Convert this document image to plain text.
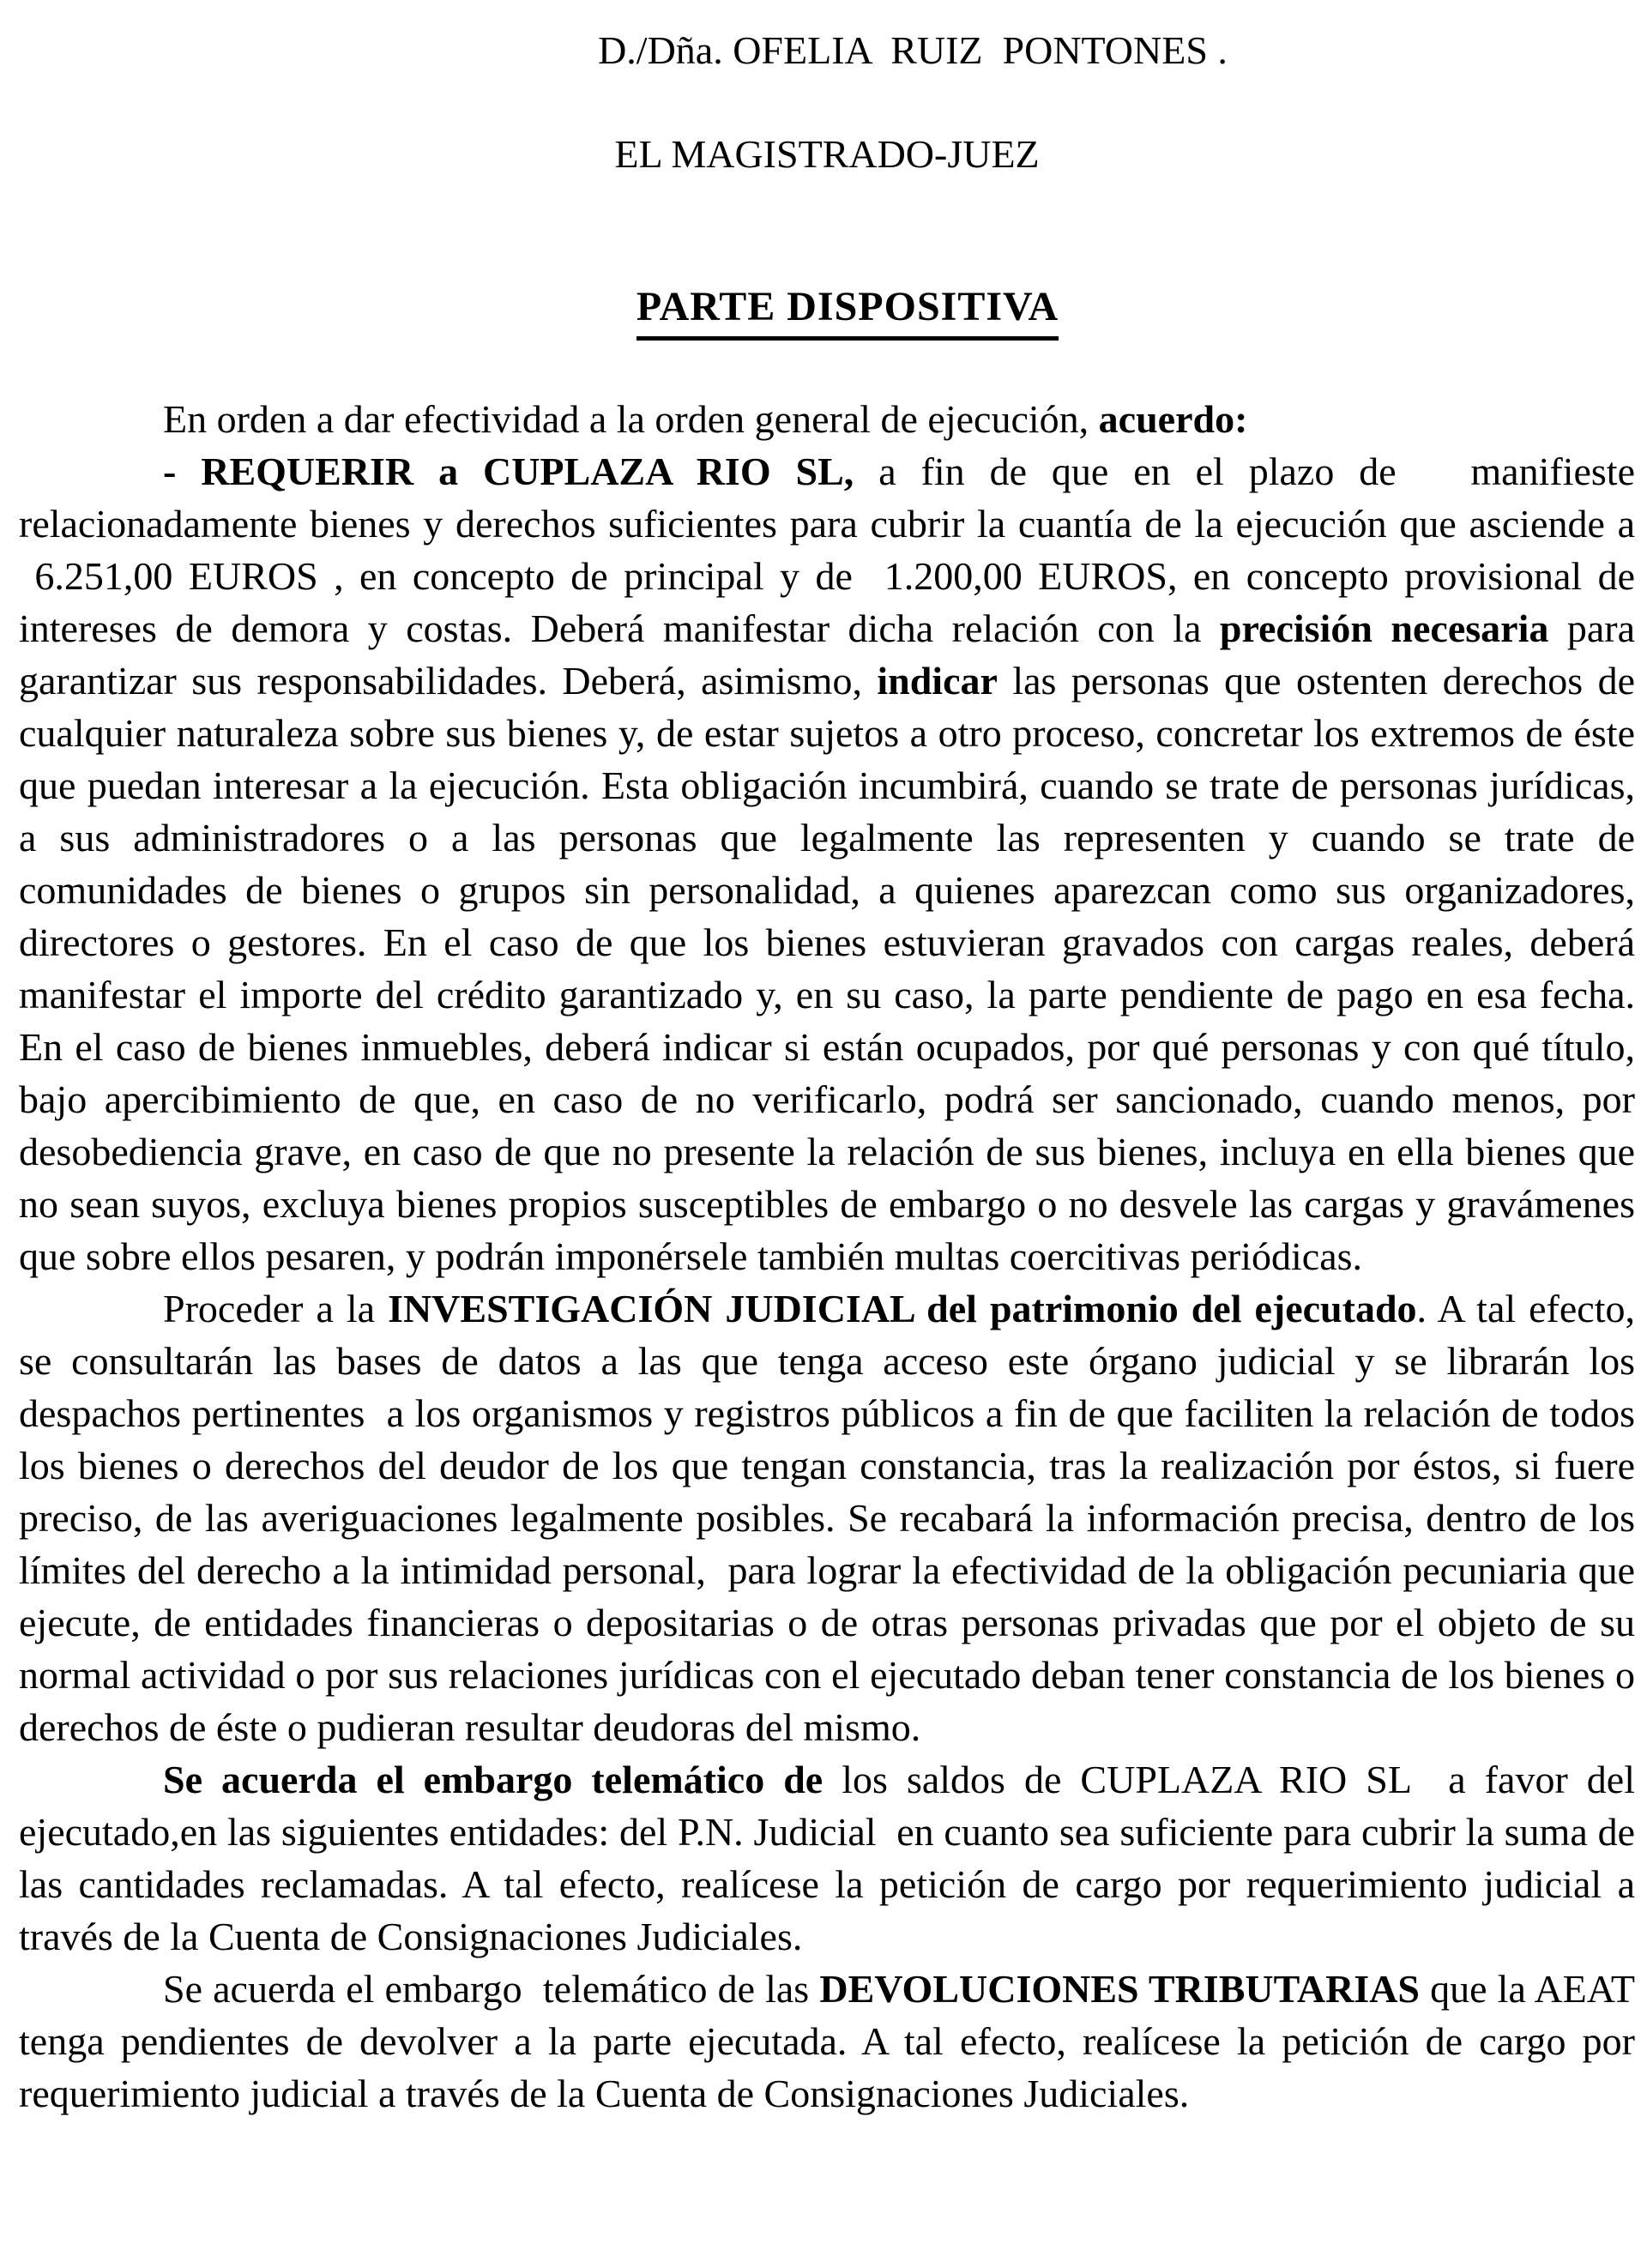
D./Dña. OFELIA  RUIZ  PONTONES .
EL MAGISTRADO-JUEZ

PARTE DISPOSITIVA

En orden a dar efectividad a la orden general de ejecución, acuerdo:

- REQUERIR a CUPLAZA RIO SL, a fin de que en el plazo de   manifieste relacionadamente bienes y derechos suficientes para cubrir la cuantía de la ejecución que asciende a  6.251,00 EUROS , en concepto de principal y de  1.200,00 EUROS, en concepto provisional de intereses de demora y costas. Deberá manifestar dicha relación con la precisión necesaria para garantizar sus responsabilidades. Deberá, asimismo, indicar las personas que ostenten derechos de cualquier naturaleza sobre sus bienes y, de estar sujetos a otro proceso, concretar los extremos de éste que puedan interesar a la ejecución. Esta obligación incumbirá, cuando se trate de personas jurídicas, a sus administradores o a las personas que legalmente las representen y cuando se trate de comunidades de bienes o grupos sin personalidad, a quienes aparezcan como sus organizadores, directores o gestores. En el caso de que los bienes estuvieran gravados con cargas reales, deberá manifestar el importe del crédito garantizado y, en su caso, la parte pendiente de pago en esa fecha. En el caso de bienes inmuebles, deberá indicar si están ocupados, por qué personas y con qué título, bajo apercibimiento de que, en caso de no verificarlo, podrá ser sancionado, cuando menos, por desobediencia grave, en caso de que no presente la relación de sus bienes, incluya en ella bienes que no sean suyos, excluya bienes propios susceptibles de embargo o no desvele las cargas y gravámenes que sobre ellos pesaren, y podrán imponérsele también multas coercitivas periódicas.

Proceder a la INVESTIGACIÓN JUDICIAL del patrimonio del ejecutado. A tal efecto, se consultarán las bases de datos a las que tenga acceso este órgano judicial y se librarán los despachos pertinentes  a los organismos y registros públicos a fin de que faciliten la relación de todos los bienes o derechos del deudor de los que tengan constancia, tras la realización por éstos, si fuere preciso, de las averiguaciones legalmente posibles. Se recabará la información precisa, dentro de los límites del derecho a la intimidad personal,  para lograr la efectividad de la obligación pecuniaria que ejecute, de entidades financieras o depositarias o de otras personas privadas que por el objeto de su normal actividad o por sus relaciones jurídicas con el ejecutado deban tener constancia de los bienes o derechos de éste o pudieran resultar deudoras del mismo.

Se acuerda el embargo telemático de los saldos de CUPLAZA RIO SL  a favor del ejecutado,en las siguientes entidades: del P.N. Judicial  en cuanto sea suficiente para cubrir la suma de las cantidades reclamadas. A tal efecto, realícese la petición de cargo por requerimiento judicial a través de la Cuenta de Consignaciones Judiciales.

Se acuerda el embargo  telemático de las DEVOLUCIONES TRIBUTARIAS que la AEAT tenga pendientes de devolver a la parte ejecutada. A tal efecto, realícese la petición de cargo por requerimiento judicial a través de la Cuenta de Consignaciones Judiciales.
